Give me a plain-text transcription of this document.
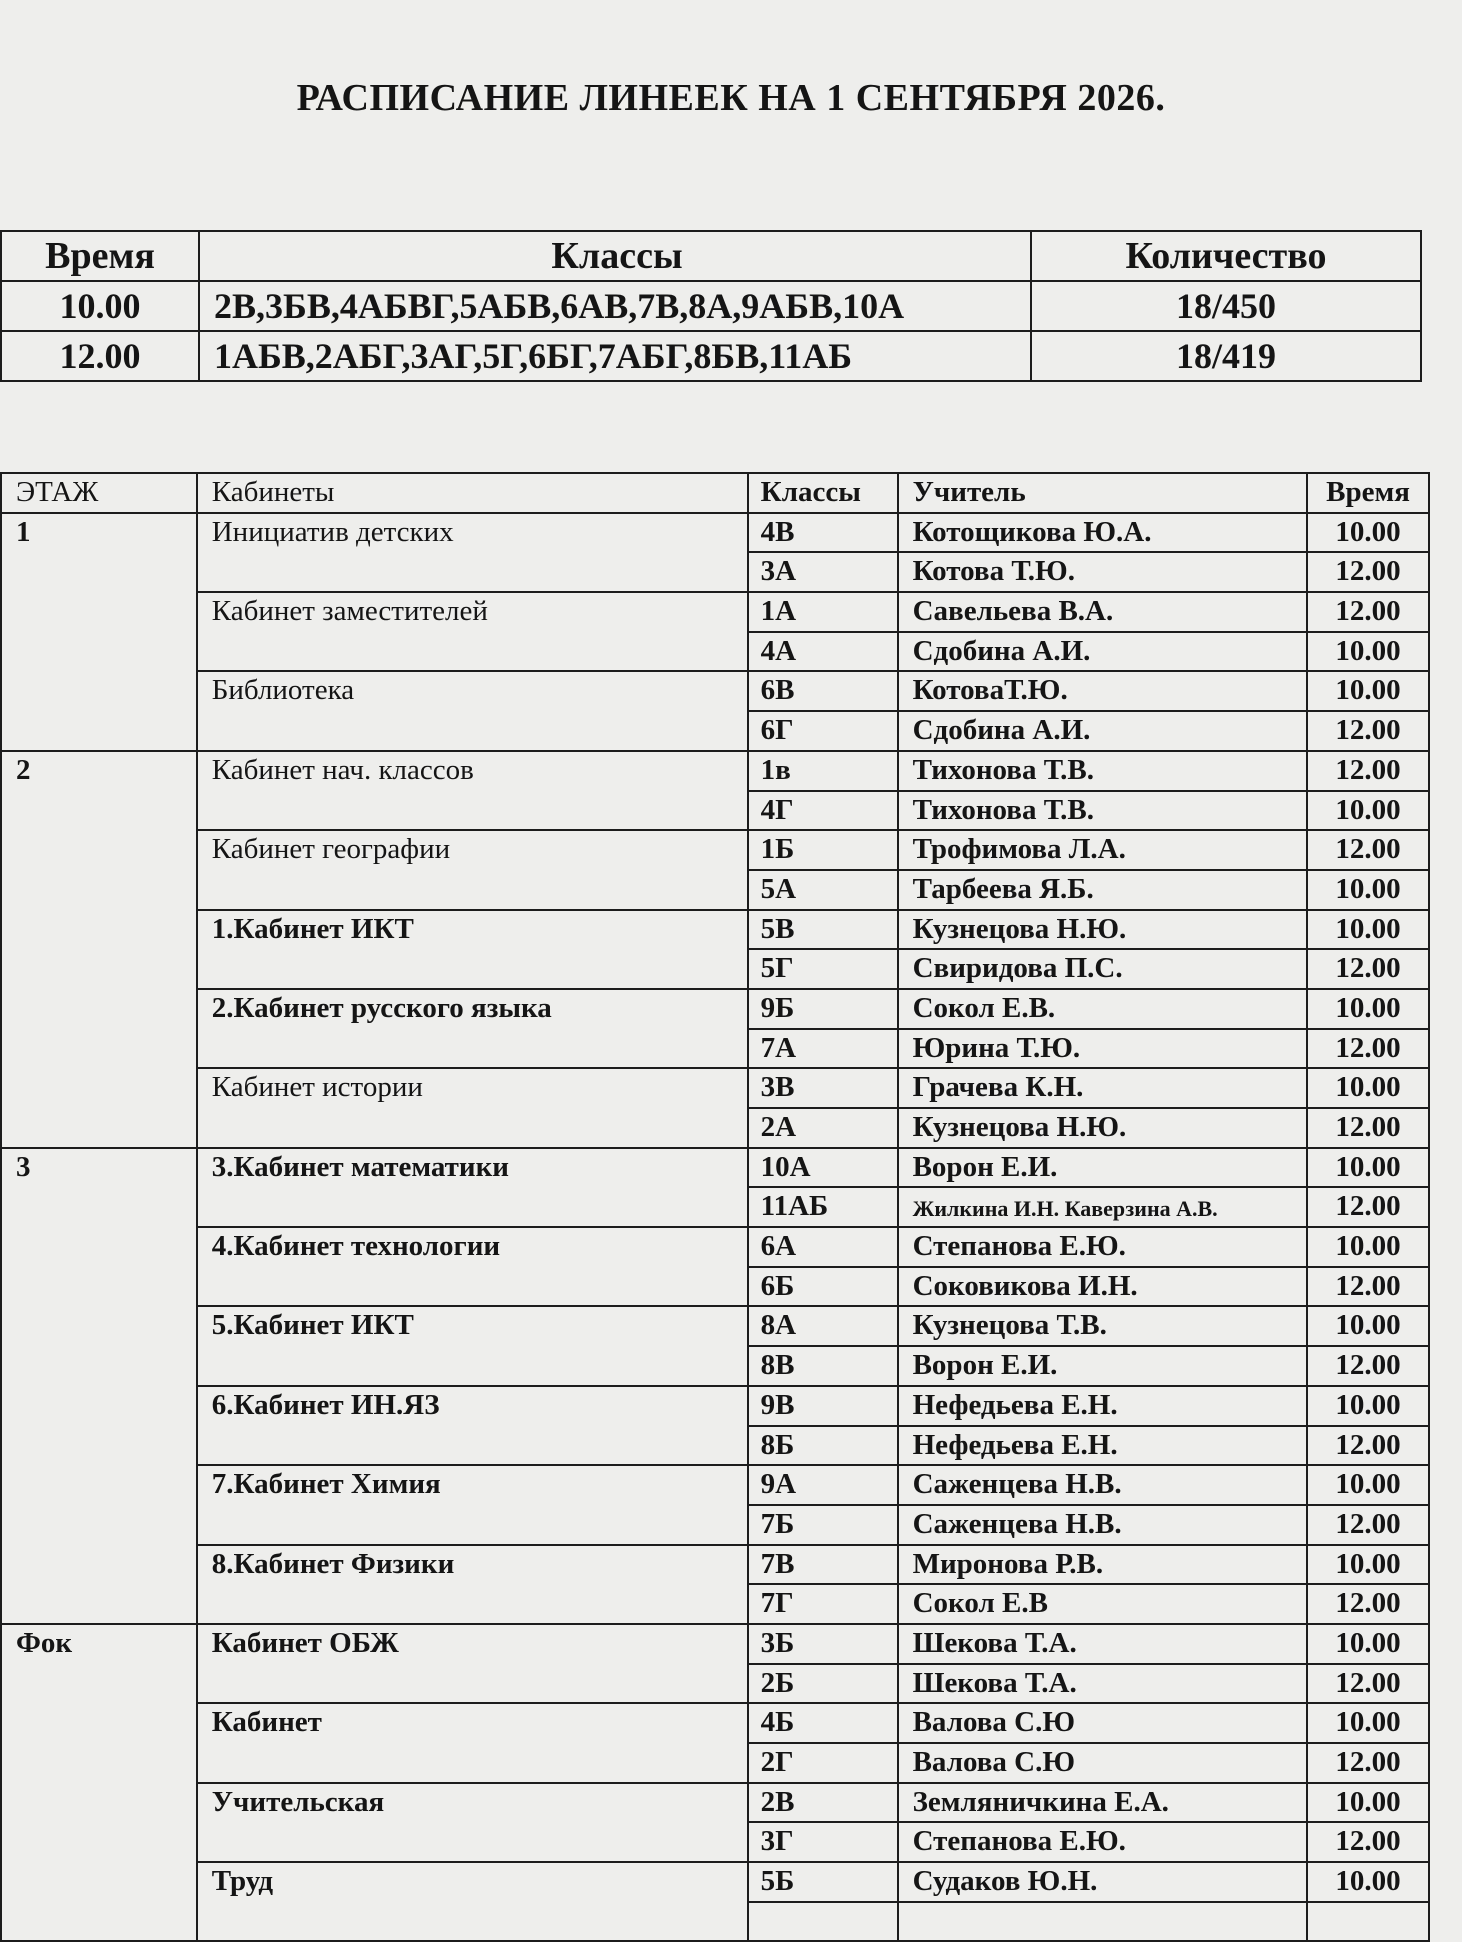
РАСПИСАНИЕ ЛИНЕЕК НА 1 СЕНТЯБРЯ 2026.
Время	Классы	Количество
10.00	2В,3БВ,4АБВГ,5АБВ,6АВ,7В,8А,9АБВ,10А	18/450
12.00	1АБВ,2АБГ,3АГ,5Г,6БГ,7АБГ,8БВ,11АБ	18/419
ЭТАЖ	Кабинеты	Классы	Учитель	Время
1	Инициатив детских	4В	Котощикова Ю.А.	10.00
		3А	Котова Т.Ю.	12.00
	Кабинет заместителей	1А	Савельева В.А.	12.00
		4А	Сдобина А.И.	10.00
	Библиотека	6В	КотоваТ.Ю.	10.00
		6Г	Сдобина А.И.	12.00
2	Кабинет нач. классов	1в	Тихонова Т.В.	12.00
		4Г	Тихонова Т.В.	10.00
	Кабинет географии	1Б	Трофимова Л.А.	12.00
		5А	Тарбеева Я.Б.	10.00
	1.Кабинет ИКТ	5В	Кузнецова Н.Ю.	10.00
		5Г	Свиридова П.С.	12.00
	2.Кабинет русского языка	9Б	Сокол Е.В.	10.00
		7А	Юрина Т.Ю.	12.00
	Кабинет истории	3В	Грачева К.Н.	10.00
		2А	Кузнецова Н.Ю.	12.00
3	3.Кабинет математики	10А	Ворон Е.И.	10.00
		11АБ	Жилкина И.Н. Каверзина А.В.	12.00
	4.Кабинет технологии	6А	Степанова Е.Ю.	10.00
		6Б	Соковикова И.Н.	12.00
	5.Кабинет ИКТ	8А	Кузнецова Т.В.	10.00
		8В	Ворон Е.И.	12.00
	6.Кабинет ИН.ЯЗ	9В	Нефедьева Е.Н.	10.00
		8Б	Нефедьева Е.Н.	12.00
	7.Кабинет Химия	9А	Саженцева Н.В.	10.00
		7Б	Саженцева Н.В.	12.00
	8.Кабинет Физики	7В	Миронова Р.В.	10.00
		7Г	Сокол Е.В	12.00
Фок	Кабинет ОБЖ	3Б	Шекова Т.А.	10.00
		2Б	Шекова Т.А.	12.00
	Кабинет	4Б	Валова С.Ю	10.00
		2Г	Валова С.Ю	12.00
	Учительская	2В	Земляничкина Е.А.	10.00
		3Г	Степанова Е.Ю.	12.00
	Труд	5Б	Судаков Ю.Н.	10.00
